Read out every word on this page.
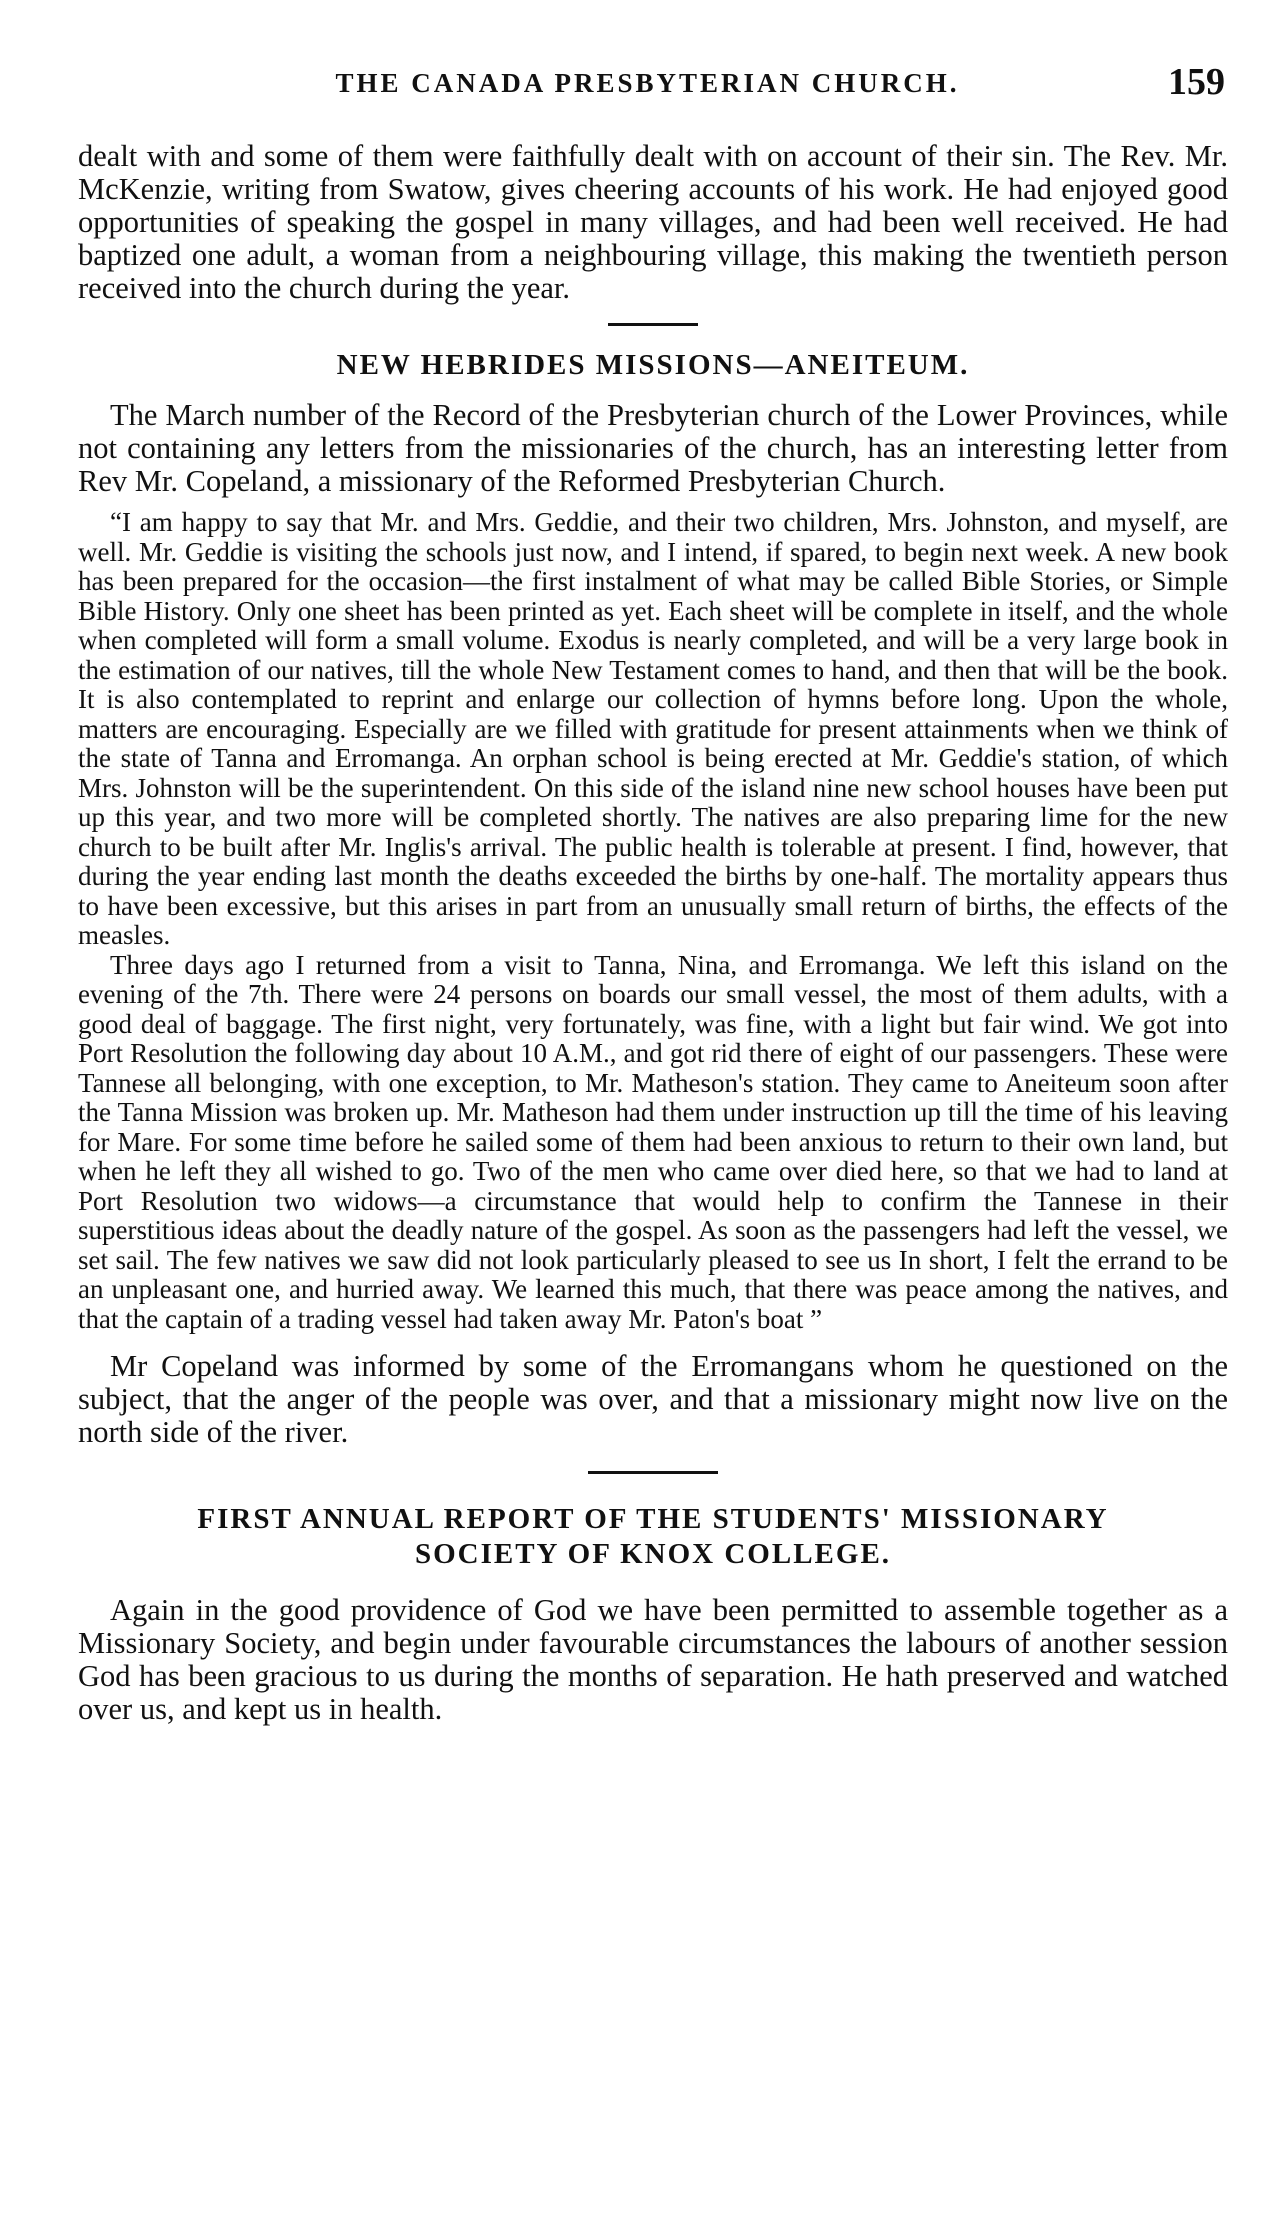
THE CANADA PRESBYTERIAN CHURCH.	159

dealt with and some of them were faithfully dealt with on account of their sin. The Rev. Mr. McKenzie, writing from Swatow, gives cheering accounts of his work. He had enjoyed good opportunities of speaking the gospel in many villages, and had been well received. He had baptized one adult, a woman from a neighbouring village, this making the twentieth person received into the church during the year.

NEW HEBRIDES MISSIONS—ANEITEUM.

The March number of the Record of the Presbyterian church of the Lower Provinces, while not containing any letters from the missionaries of the church, has an interesting letter from Rev Mr. Copeland, a missionary of the Reformed Presbyterian Church.

“I am happy to say that Mr. and Mrs. Geddie, and their two children, Mrs. Johnston, and myself, are well. Mr. Geddie is visiting the schools just now, and I intend, if spared, to begin next week. A new book has been prepared for the occasion—the first instalment of what may be called Bible Stories, or Simple Bible History. Only one sheet has been printed as yet. Each sheet will be complete in itself, and the whole when completed will form a small volume. Exodus is nearly completed, and will be a very large book in the estimation of our natives, till the whole New Testament comes to hand, and then that will be the book. It is also contemplated to reprint and enlarge our collection of hymns before long. Upon the whole, matters are encouraging. Especially are we filled with gratitude for present attainments when we think of the state of Tanna and Erromanga. An orphan school is being erected at Mr. Geddie's station, of which Mrs. Johnston will be the superintendent. On this side of the island nine new school houses have been put up this year, and two more will be completed shortly. The natives are also preparing lime for the new church to be built after Mr. Inglis's arrival. The public health is tolerable at present. I find, however, that during the year ending last month the deaths exceeded the births by one-half. The mortality appears thus to have been excessive, but this arises in part from an unusually small return of births, the effects of the measles.

Three days ago I returned from a visit to Tanna, Nina, and Erromanga. We left this island on the evening of the 7th. There were 24 persons on boards our small vessel, the most of them adults, with a good deal of baggage. The first night, very fortunately, was fine, with a light but fair wind. We got into Port Resolution the following day about 10 A.M., and got rid there of eight of our passengers. These were Tannese all belonging, with one exception, to Mr. Matheson's station. They came to Aneiteum soon after the Tanna Mission was broken up. Mr. Matheson had them under instruction up till the time of his leaving for Mare. For some time before he sailed some of them had been anxious to return to their own land, but when he left they all wished to go. Two of the men who came over died here, so that we had to land at Port Resolution two widows—a circumstance that would help to confirm the Tannese in their superstitious ideas about the deadly nature of the gospel. As soon as the passengers had left the vessel, we set sail. The few natives we saw did not look particularly pleased to see us In short, I felt the errand to be an unpleasant one, and hurried away. We learned this much, that there was peace among the natives, and that the captain of a trading vessel had taken away Mr. Paton's boat ”

Mr Copeland was informed by some of the Erromangans whom he questioned on the subject, that the anger of the people was over, and that a missionary might now live on the north side of the river.

FIRST ANNUAL REPORT OF THE STUDENTS' MISSIONARY
SOCIETY OF KNOX COLLEGE.

Again in the good providence of God we have been permitted to assemble together as a Missionary Society, and begin under favourable circumstances the labours of another session God has been gracious to us during the months of separation. He hath preserved and watched over us, and kept us in health.
